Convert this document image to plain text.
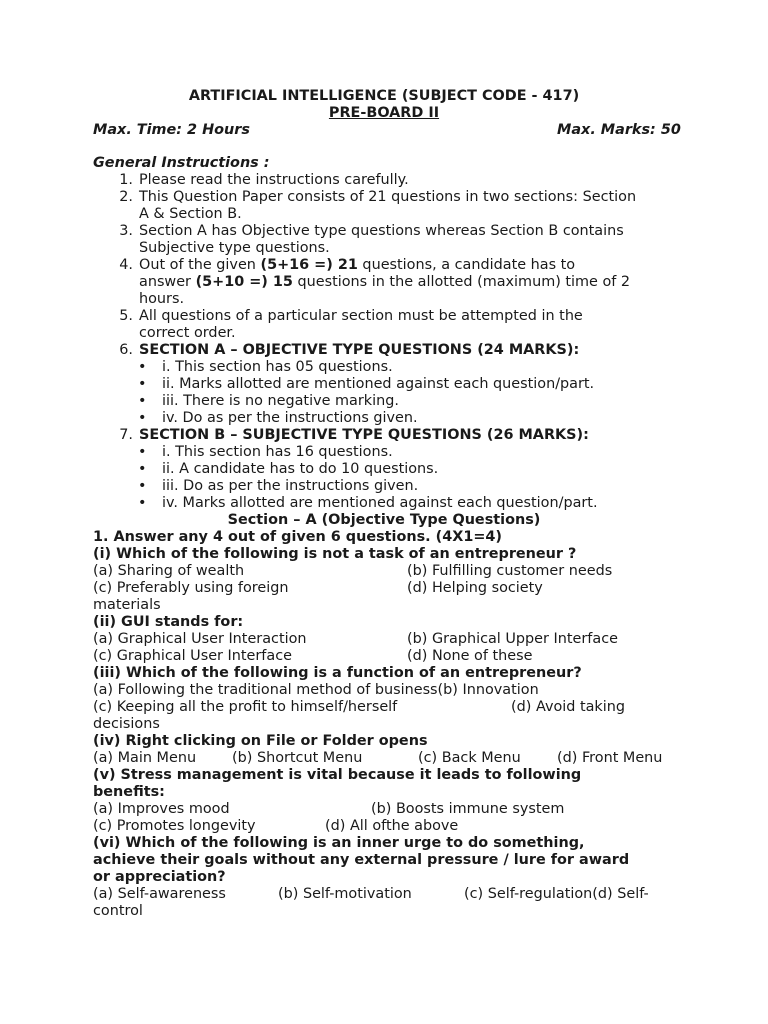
ARTIFICIAL INTELLIGENCE (SUBJECT CODE - 417)
PRE-BOARD II
Max. Time: 2 Hours	Max. Marks: 50
General Instructions :
1. Please read the instructions carefully.
2. This Question Paper consists of 21 questions in two sections: Section
A & Section B.
3. Section A has Objective type questions whereas Section B contains
Subjective type questions.
4. Out of the given (5+16 =) 21 questions, a candidate has to
answer (5+10 =) 15 questions in the allotted (maximum) time of 2
hours.
5. All questions of a particular section must be attempted in the
correct order.
6. SECTION A – OBJECTIVE TYPE QUESTIONS (24 MARKS):
• i. This section has 05 questions.
• ii. Marks allotted are mentioned against each question/part.
• iii. There is no negative marking.
• iv. Do as per the instructions given.
7. SECTION B – SUBJECTIVE TYPE QUESTIONS (26 MARKS):
• i. This section has 16 questions.
• ii. A candidate has to do 10 questions.
• iii. Do as per the instructions given.
• iv. Marks allotted are mentioned against each question/part.
Section – A (Objective Type Questions)
1. Answer any 4 out of given 6 questions. (4X1=4)
(i) Which of the following is not a task of an entrepreneur ?
(a) Sharing of wealth	(b) Fulfilling customer needs
(c) Preferably using foreign	(d) Helping society
materials
(ii) GUI stands for:
(a) Graphical User Interaction	(b) Graphical Upper Interface
(c) Graphical User Interface	(d) None of these
(iii) Which of the following is a function of an entrepreneur?
(a) Following the traditional method of business(b) Innovation
(c) Keeping all the profit to himself/herself	(d) Avoid taking
decisions
(iv) Right clicking on File or Folder opens
(a) Main Menu (b) Shortcut Menu	(c) Back Menu	(d) Front Menu
(v) Stress management is vital because it leads to following
benefits:
(a) Improves mood	(b) Boosts immune system
(c) Promotes longevity	(d) All ofthe above
(vi) Which of the following is an inner urge to do something,
achieve their goals without any external pressure / lure for award
or appreciation?
(a) Self-awareness	(b) Self-motivation	(c) Self-regulation(d) Self-
control
